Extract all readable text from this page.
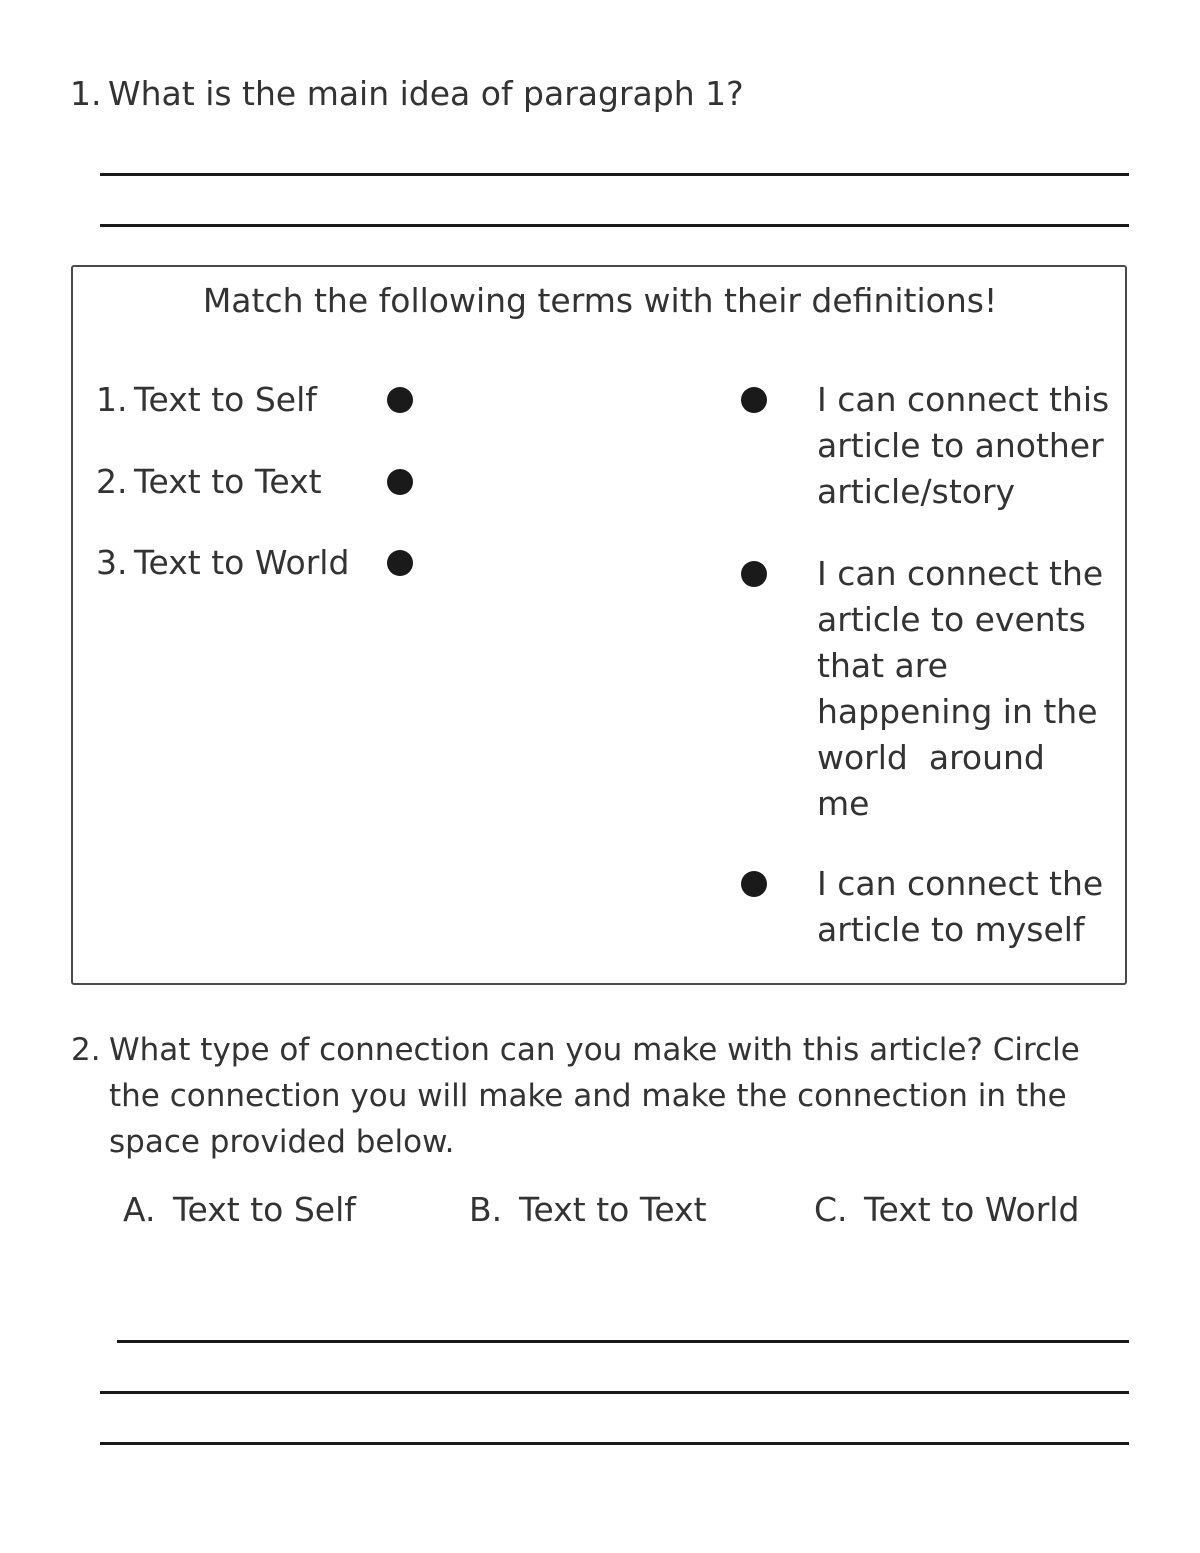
1. What is the main idea of paragraph 1?
Match the following terms with their definitions!
1. Text to Self
2. Text to Text
3. Text to World
I can connect this
article to another
article/story
I can connect the
article to events
that are
happening in the
world  around
me
I can connect the
article to myself
2. What type of connection can you make with this article? Circle
the connection you will make and make the connection in the
space provided below.
A. Text to Self	B. Text to Text	C. Text to World
